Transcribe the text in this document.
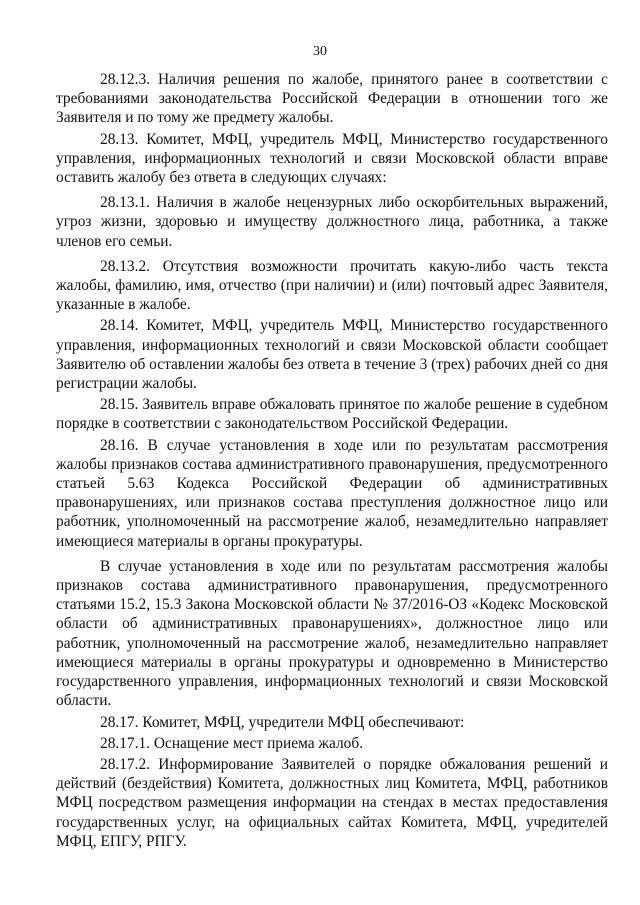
30

28.12.3. Наличия решения по жалобе, принятого ранее в соответствии с требованиями законодательства Российской Федерации в отношении того же Заявителя и по тому же предмету жалобы.

28.13. Комитет, МФЦ, учредитель МФЦ, Министерство государственного управления, информационных технологий и связи Московской области вправе оставить жалобу без ответа в следующих случаях:

28.13.1. Наличия в жалобе нецензурных либо оскорбительных выражений, угроз жизни, здоровью и имуществу должностного лица, работника, а также членов его семьи.

28.13.2. Отсутствия возможности прочитать какую-либо часть текста жалобы, фамилию, имя, отчество (при наличии) и (или) почтовый адрес Заявителя, указанные в жалобе.

28.14. Комитет, МФЦ, учредитель МФЦ, Министерство государственного управления, информационных технологий и связи Московской области сообщает Заявителю об оставлении жалобы без ответа в течение 3 (трех) рабочих дней со дня регистрации жалобы.

28.15. Заявитель вправе обжаловать принятое по жалобе решение в судебном порядке в соответствии с законодательством Российской Федерации.

28.16. В случае установления в ходе или по результатам рассмотрения жалобы признаков состава административного правонарушения, предусмотренного статьей 5.63 Кодекса Российской Федерации об административных правонарушениях, или признаков состава преступления должностное лицо или работник, уполномоченный на рассмотрение жалоб, незамедлительно направляет имеющиеся материалы в органы прокуратуры.

В случае установления в ходе или по результатам рассмотрения жалобы признаков состава административного правонарушения, предусмотренного статьями 15.2, 15.3 Закона Московской области № 37/2016-ОЗ «Кодекс Московской области об административных правонарушениях», должностное лицо или работник, уполномоченный на рассмотрение жалоб, незамедлительно направляет имеющиеся материалы в органы прокуратуры и одновременно в Министерство государственного управления, информационных технологий и связи Московской области.

28.17. Комитет, МФЦ, учредители МФЦ обеспечивают:

28.17.1. Оснащение мест приема жалоб.

28.17.2. Информирование Заявителей о порядке обжалования решений и действий (бездействия) Комитета, должностных лиц Комитета, МФЦ, работников МФЦ посредством размещения информации на стендах в местах предоставления государственных услуг, на официальных сайтах Комитета, МФЦ, учредителей МФЦ, ЕПГУ, РПГУ.
